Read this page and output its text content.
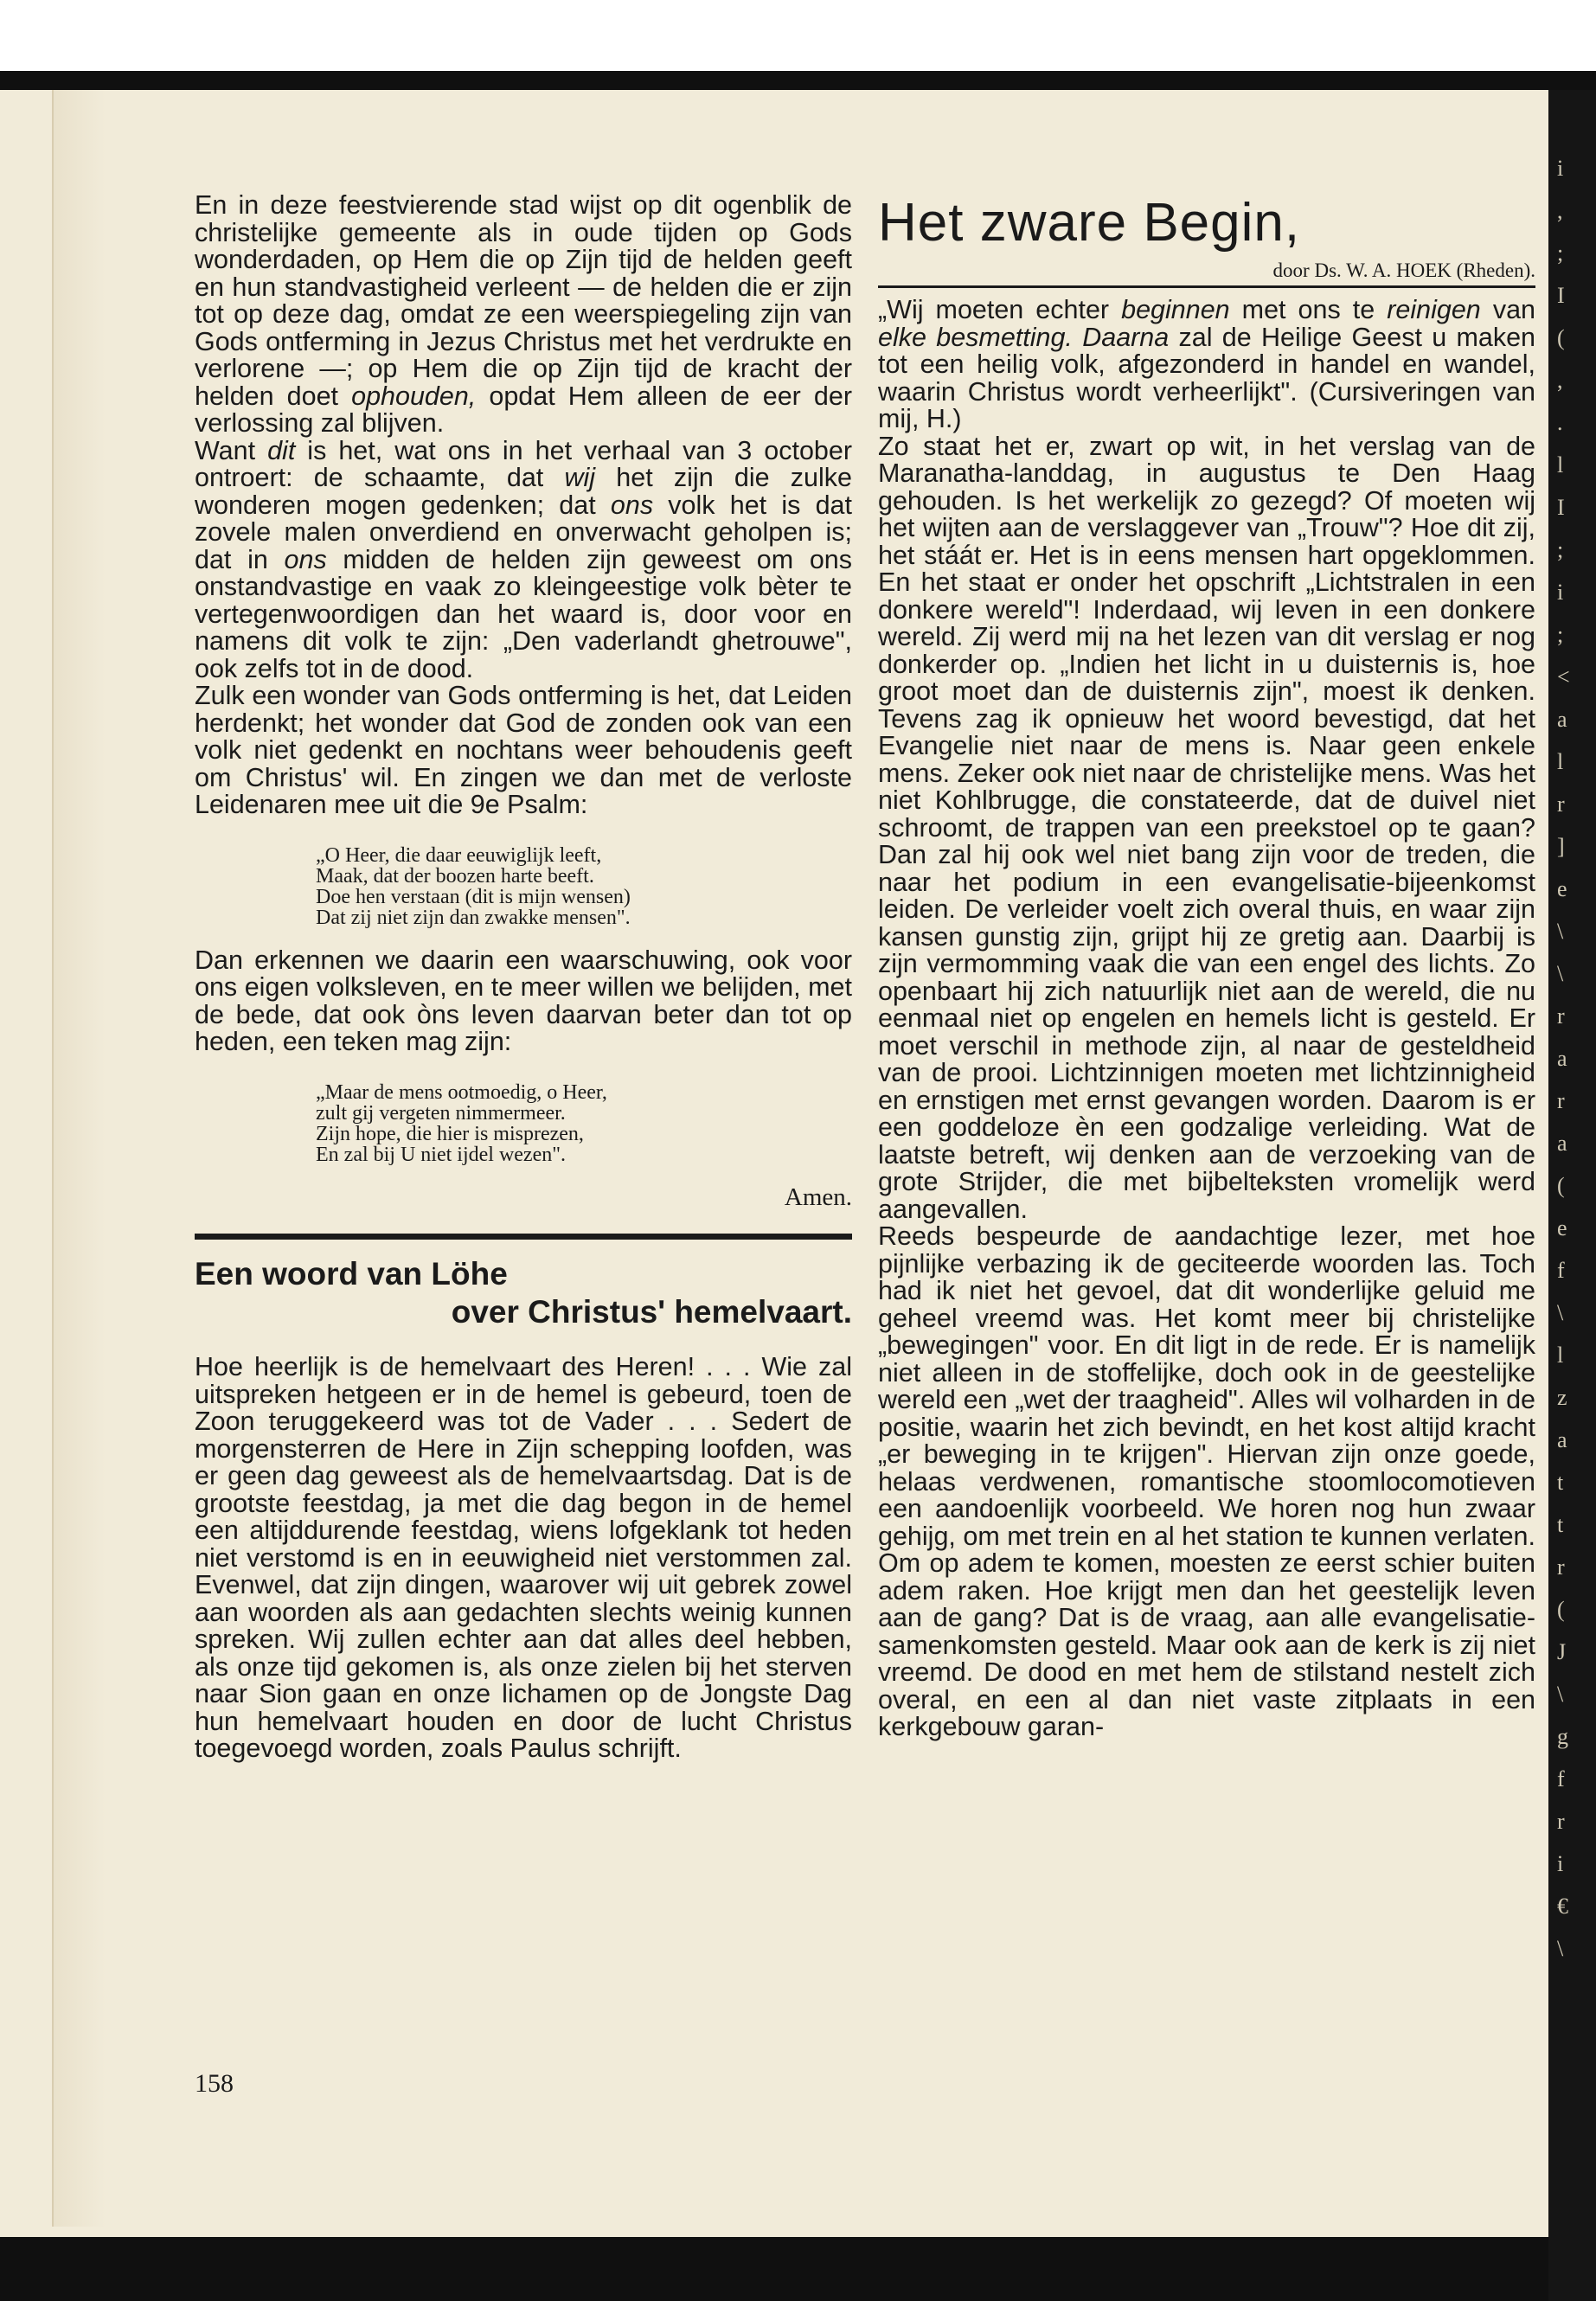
i
,
;
I
(
,
.
l
I
;
i
;
<
a
l
r
]
e
\
\
r
a
r
a
(
e
f
\
l
z
a
t
t
r
(
J
\
g
f
r
i
€
\

En in deze feestvierende stad wijst op dit ogenblik de christelijke gemeente als in oude tijden op Gods wonderdaden, op Hem die op Zijn tijd de helden geeft en hun standvastigheid verleent — de helden die er zijn tot op deze dag, omdat ze een weerspiegeling zijn van Gods ontferming in Jezus Christus met het verdrukte en verlorene —; op Hem die op Zijn tijd de kracht der helden doet ophouden, opdat Hem alleen de eer der verlossing zal blijven.

Want dit is het, wat ons in het verhaal van 3 october ontroert: de schaamte, dat wij het zijn die zulke wonderen mogen gedenken; dat ons volk het is dat zovele malen onverdiend en onverwacht geholpen is; dat in ons midden de helden zijn geweest om ons onstandvastige en vaak zo kleingeestige volk bèter te vertegenwoordigen dan het waard is, door voor en namens dit volk te zijn: „Den vaderlandt ghetrouwe", ook zelfs tot in de dood.

Zulk een wonder van Gods ontferming is het, dat Leiden herdenkt; het wonder dat God de zonden ook van een volk niet gedenkt en nochtans weer behoudenis geeft om Christus' wil. En zingen we dan met de verloste Leidenaren mee uit die 9e Psalm:

„O Heer, die daar eeuwiglijk leeft,
Maak, dat der boozen harte beeft.
Doe hen verstaan (dit is mijn wensen)
Dat zij niet zijn dan zwakke mensen".

Dan erkennen we daarin een waarschuwing, ook voor ons eigen volksleven, en te meer willen we belijden, met de bede, dat ook òns leven daarvan beter dan tot op heden, een teken mag zijn:

„Maar de mens ootmoedig, o Heer,
zult gij vergeten nimmermeer.
Zijn hope, die hier is misprezen,
En zal bij U niet ijdel wezen".
Amen.
Een woord van Löhe
over Christus' hemelvaart.

Hoe heerlijk is de hemelvaart des Heren! . . . Wie zal uitspreken hetgeen er in de hemel is gebeurd, toen de Zoon teruggekeerd was tot de Vader . . . Sedert de morgensterren de Here in Zijn schepping loofden, was er geen dag geweest als de hemelvaartsdag. Dat is de grootste feestdag, ja met die dag begon in de hemel een altijddurende feestdag, wiens lofgeklank tot heden niet verstomd is en in eeuwigheid niet verstommen zal. Evenwel, dat zijn dingen, waarover wij uit gebrek zowel aan woorden als aan gedachten slechts weinig kunnen spreken. Wij zullen echter aan dat alles deel hebben, als onze tijd gekomen is, als onze zielen bij het sterven naar Sion gaan en onze lichamen op de Jongste Dag hun hemelvaart houden en door de lucht Christus toegevoegd worden, zoals Paulus schrijft.

158
Het zware Begin,
door Ds. W. A. HOEK (Rheden).

„Wij moeten echter beginnen met ons te reinigen van elke besmetting. Daarna zal de Heilige Geest u maken tot een heilig volk, afgezonderd in handel en wandel, waarin Christus wordt verheerlijkt". (Cursiveringen van mij, H.)

Zo staat het er, zwart op wit, in het verslag van de Maranatha-landdag, in augustus te Den Haag gehouden. Is het werkelijk zo gezegd? Of moeten wij het wijten aan de verslaggever van „Trouw"? Hoe dit zij, het stáát er. Het is in eens mensen hart opgeklommen. En het staat er onder het opschrift „Lichtstralen in een donkere wereld"! Inderdaad, wij leven in een donkere wereld. Zij werd mij na het lezen van dit verslag er nog donkerder op. „Indien het licht in u duisternis is, hoe groot moet dan de duisternis zijn", moest ik denken. Tevens zag ik opnieuw het woord bevestigd, dat het Evangelie niet naar de mens is. Naar geen enkele mens. Zeker ook niet naar de christelijke mens. Was het niet Kohlbrugge, die constateerde, dat de duivel niet schroomt, de trappen van een preekstoel op te gaan? Dan zal hij ook wel niet bang zijn voor de treden, die naar het podium in een evangelisatie-bijeenkomst leiden. De verleider voelt zich overal thuis, en waar zijn kansen gunstig zijn, grijpt hij ze gretig aan. Daarbij is zijn vermomming vaak die van een engel des lichts. Zo openbaart hij zich natuurlijk niet aan de wereld, die nu eenmaal niet op engelen en hemels licht is gesteld. Er moet verschil in methode zijn, al naar de gesteldheid van de prooi. Lichtzinnigen moeten met lichtzinnigheid en ernstigen met ernst gevangen worden. Daarom is er een goddeloze èn een godzalige verleiding. Wat de laatste betreft, wij denken aan de verzoeking van de grote Strijder, die met bijbelteksten vromelijk werd aangevallen.

Reeds bespeurde de aandachtige lezer, met hoe pijnlijke verbazing ik de geciteerde woorden las. Toch had ik niet het gevoel, dat dit wonderlijke geluid me geheel vreemd was. Het komt meer bij christelijke „bewegingen" voor. En dit ligt in de rede. Er is namelijk niet alleen in de stoffelijke, doch ook in de geestelijke wereld een „wet der traagheid". Alles wil volharden in de positie, waarin het zich bevindt, en het kost altijd kracht „er beweging in te krijgen". Hiervan zijn onze goede, helaas verdwenen, romantische stoomlocomotieven een aandoenlijk voorbeeld. We horen nog hun zwaar gehijg, om met trein en al het station te kunnen verlaten. Om op adem te komen, moesten ze eerst schier buiten adem raken. Hoe krijgt men dan het geestelijk leven aan de gang? Dat is de vraag, aan alle evangelisatie-samenkomsten gesteld. Maar ook aan de kerk is zij niet vreemd. De dood en met hem de stilstand nestelt zich overal, en een al dan niet vaste zitplaats in een kerkgebouw garan-
